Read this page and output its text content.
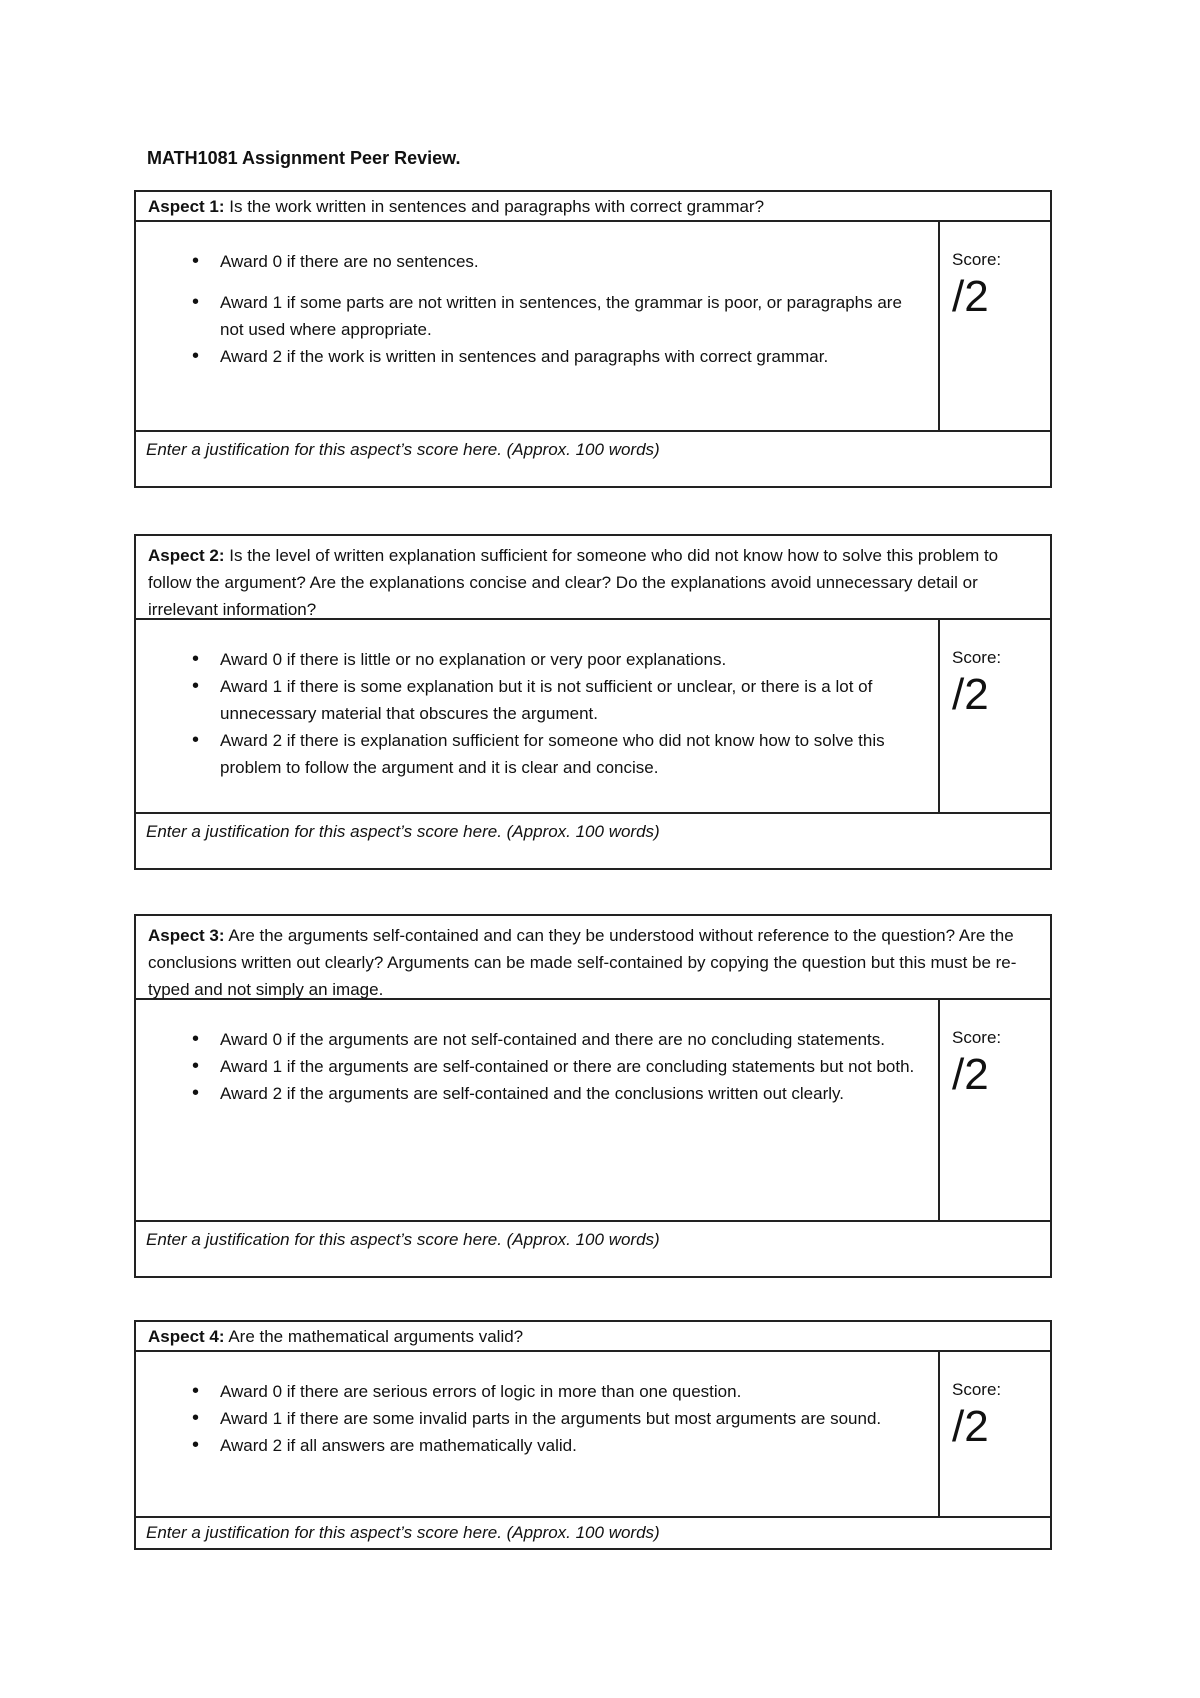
MATH1081 Assignment Peer Review.
Aspect 1: Is the work written in sentences and paragraphs with correct grammar?
• Award 0 if there are no sentences.
• Award 1 if some parts are not written in sentences, the grammar is poor, or paragraphs are not used where appropriate.
• Award 2 if the work is written in sentences and paragraphs with correct grammar.
Score:
/2
Enter a justification for this aspect’s score here. (Approx. 100 words)
Aspect 2: Is the level of written explanation sufficient for someone who did not know how to solve this problem to follow the argument? Are the explanations concise and clear? Do the explanations avoid unnecessary detail or irrelevant information?
• Award 0 if there is little or no explanation or very poor explanations.
• Award 1 if there is some explanation but it is not sufficient or unclear, or there is a lot of unnecessary material that obscures the argument.
• Award 2 if there is explanation sufficient for someone who did not know how to solve this problem to follow the argument and it is clear and concise.
Score:
/2
Enter a justification for this aspect’s score here. (Approx. 100 words)
Aspect 3: Are the arguments self-contained and can they be understood without reference to the question? Are the conclusions written out clearly? Arguments can be made self-contained by copying the question but this must be re-typed and not simply an image.
• Award 0 if the arguments are not self-contained and there are no concluding statements.
• Award 1 if the arguments are self-contained or there are concluding statements but not both.
• Award 2 if the arguments are self-contained and the conclusions written out clearly.
Score:
/2
Enter a justification for this aspect’s score here. (Approx. 100 words)
Aspect 4: Are the mathematical arguments valid?
• Award 0 if there are serious errors of logic in more than one question.
• Award 1 if there are some invalid parts in the arguments but most arguments are sound.
• Award 2 if all answers are mathematically valid.
Score:
/2
Enter a justification for this aspect’s score here. (Approx. 100 words)
